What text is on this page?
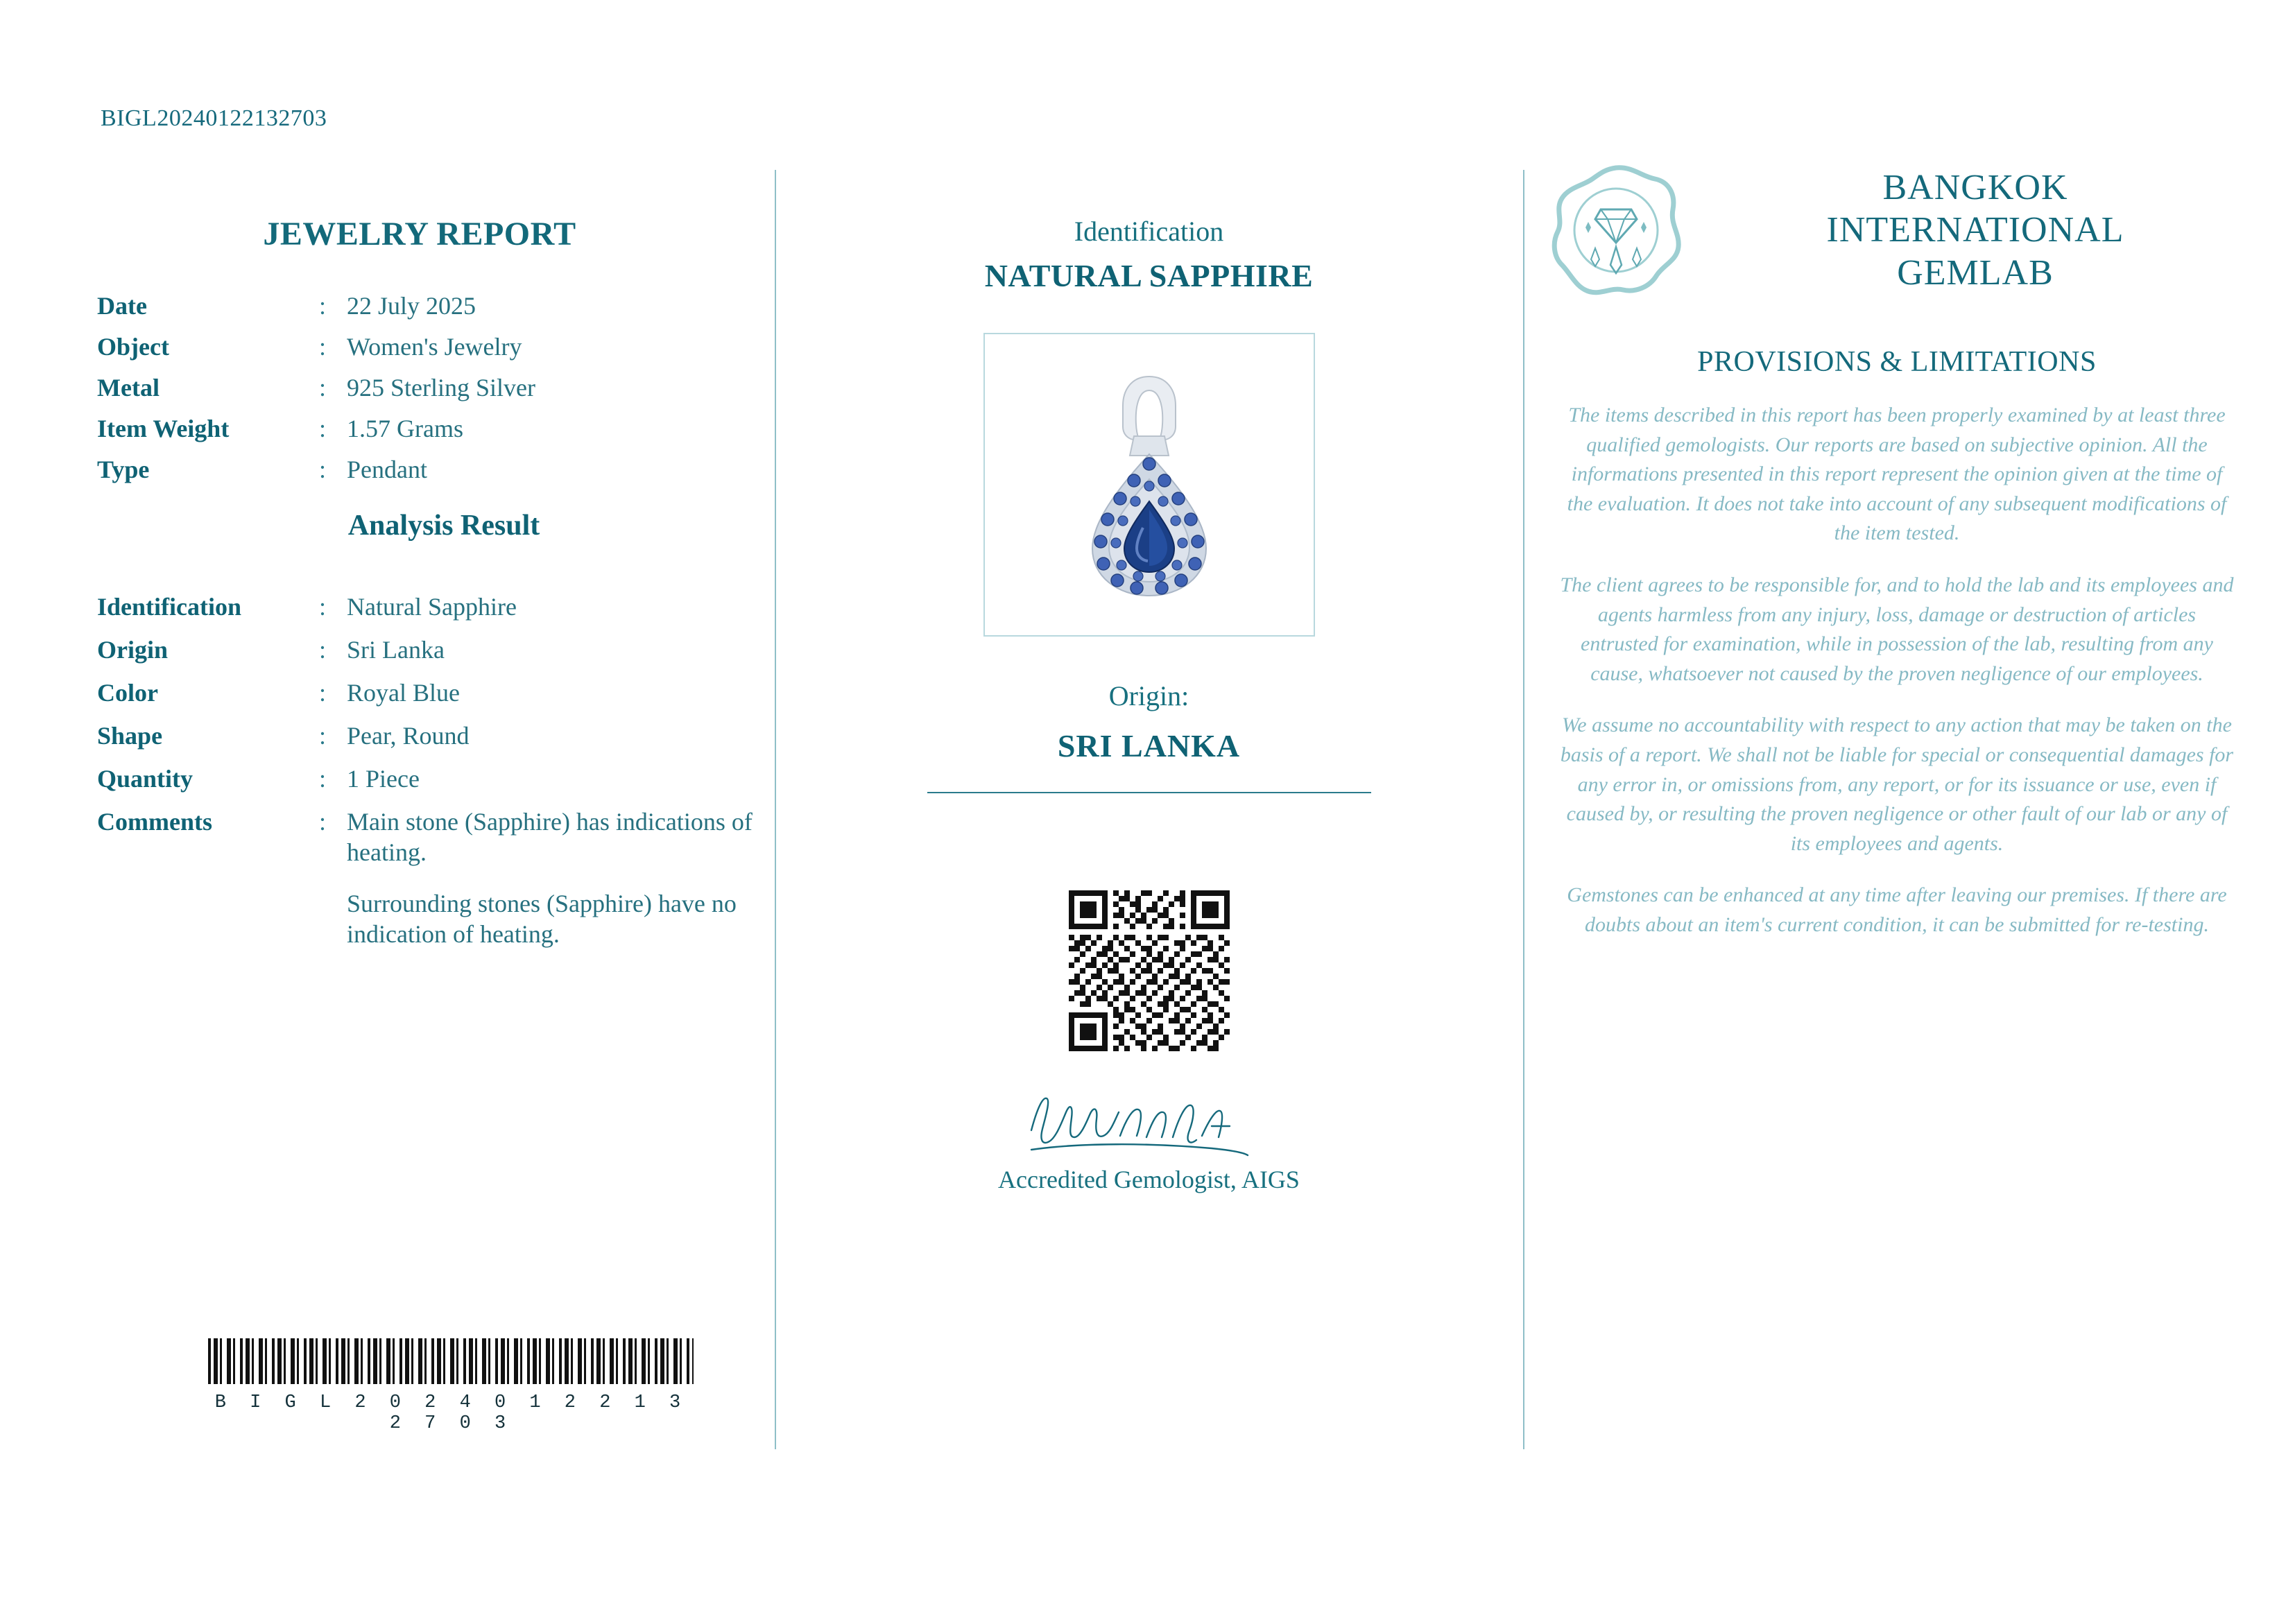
BIGL20240122132703
JEWELRY REPORT
Date	:	22 July 2025
Object	:	Women's Jewelry
Metal	:	925 Sterling Silver
Item Weight	:	1.57 Grams
Type	:	Pendant
Analysis Result
Identification	:	Natural Sapphire
Origin	:	Sri Lanka
Color	:	Royal Blue
Shape	:	Pear, Round
Quantity	:	1 Piece
Comments	:	Main stone (Sapphire) has indications of heating.
Surrounding stones (Sapphire) have no indication of heating.
B I G L 2 0 2 4 0 1 2 2 1 3 2 7 0 3
Identification
NATURAL SAPPHIRE
Origin:
SRI LANKA
Accredited Gemologist, AIGS
BANGKOK
INTERNATIONAL
GEMLAB
PROVISIONS & LIMITATIONS
The items described in this report has been properly examined by at least three qualified gemologists. Our reports are based on subjective opinion. All the informations presented in this report represent the opinion given at the time of the evaluation. It does not take into account of any subsequent modifications of the item tested.
The client agrees to be responsible for, and to hold the lab and its employees and agents harmless from any injury, loss, damage or destruction of articles entrusted for examination, while in possession of the lab, resulting from any cause, whatsoever not caused by the proven negligence of our employees.
We assume no accountability with respect to any action that may be taken on the basis of a report. We shall not be liable for special or consequential damages for any error in, or omissions from, any report, or for its issuance or use, even if caused by, or resulting the proven negligence or other fault of our lab or any of its employees and agents.
Gemstones can be enhanced at any time after leaving our premises. If there are doubts about an item's current condition, it can be submitted for re-testing.
